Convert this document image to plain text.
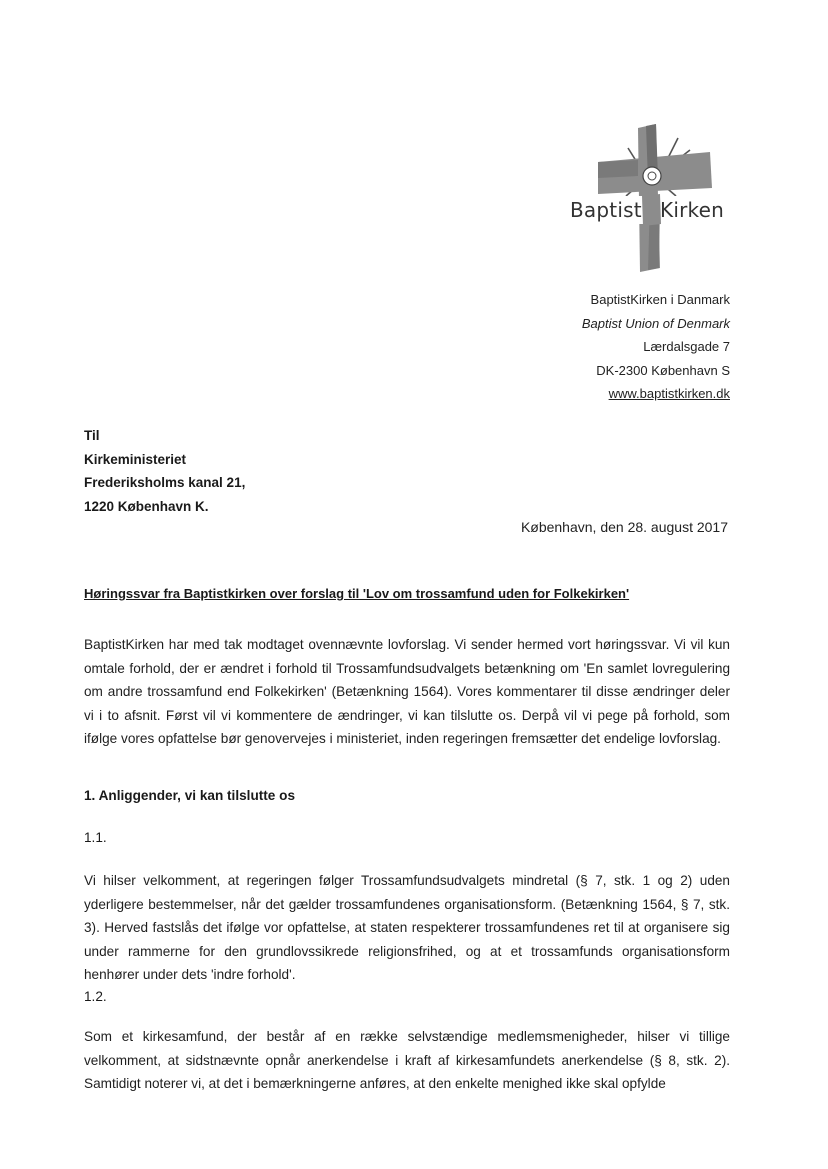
Baptist Kirken
BaptistKirken i Danmark
Baptist Union of Denmark
Lærdalsgade 7
DK-2300 København S
www.baptistkirken.dk
Til
Kirkeministeriet
Frederiksholms kanal 21,
1220 København K.
København, den 28. august 2017
Høringssvar fra Baptistkirken over forslag til 'Lov om trossamfund uden for Folkekirken'
BaptistKirken har med tak modtaget ovennævnte lovforslag. Vi sender hermed vort høringssvar. Vi vil kun omtale forhold, der er ændret i forhold til Trossamfundsudvalgets betænkning om 'En samlet lovregulering om andre trossamfund end Folkekirken' (Betænkning 1564). Vores kommentarer til disse ændringer deler vi i to afsnit. Først vil vi kommentere de ændringer, vi kan tilslutte os. Derpå vil vi pege på forhold, som ifølge vores opfattelse bør genovervejes i ministeriet, inden regeringen fremsætter det endelige lovforslag.
1. Anliggender, vi kan tilslutte os
1.1.
Vi hilser velkomment, at regeringen følger Trossamfundsudvalgets mindretal (§ 7, stk. 1 og 2) uden yderligere bestemmelser, når det gælder trossamfundenes organisationsform. (Betænkning 1564, § 7, stk. 3). Herved fastslås det ifølge vor opfattelse, at staten respekterer trossamfundenes ret til at organisere sig under rammerne for den grundlovssikrede religionsfrihed, og at et trossamfunds organisationsform henhører under dets 'indre forhold'.
1.2.
Som et kirkesamfund, der består af en række selvstændige medlemsmenigheder, hilser vi tillige velkomment, at sidstnævnte opnår anerkendelse i kraft af kirkesamfundets anerkendelse (§ 8, stk. 2). Samtidigt noterer vi, at det i bemærkningerne anføres, at den enkelte menighed ikke skal opfylde
